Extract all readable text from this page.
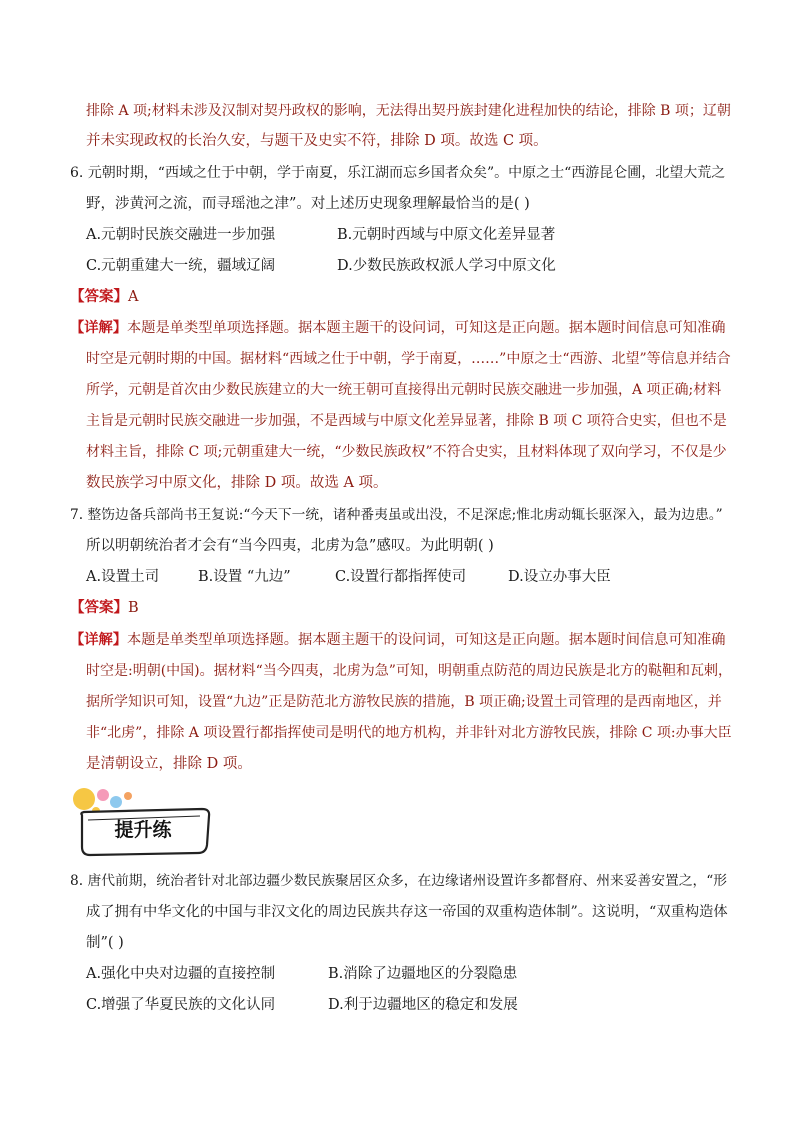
排除 A 项;材料未涉及汉制对契丹政权的影响，无法得出契丹族封建化进程加快的结论，排除 B 项；辽朝
并未实现政权的长治久安，与题干及史实不符，排除 D 项。故选 C 项。
6. 元朝时期，“西域之仕于中朝，学于南夏，乐江湖而忘乡国者众矣”。中原之士“西游昆仑圃，北望大荒之
野，涉黄河之流，而寻瑶池之津”。对上述历史现象理解最恰当的是( )
A.元朝时民族交融进一步加强	B.元朝时西域与中原文化差异显著
C.元朝重建大一统，疆域辽阔	D.少数民族政权派人学习中原文化
【答案】A
【详解】本题是单类型单项选择题。据本题主题干的设问词，可知这是正向题。据本题时间信息可知准确
时空是元朝时期的中国。据材料“西域之仕于中朝，学于南夏，……”中原之士“西游、北望”等信息并结合
所学，元朝是首次由少数民族建立的大一统王朝可直接得出元朝时民族交融进一步加强，A 项正确;材料
主旨是元朝时民族交融进一步加强，不是西域与中原文化差异显著，排除 B 项 C 项符合史实，但也不是
材料主旨，排除 C 项;元朝重建大一统，“少数民族政权”不符合史实，且材料体现了双向学习，不仅是少
数民族学习中原文化，排除 D 项。故选 A 项。
7. 整饬边备兵部尚书王复说:“今天下一统，诸种番夷虽或出没，不足深虑;惟北虏动辄长驱深入，最为边患。”
所以明朝统治者才会有“当今四夷，北虏为急”感叹。为此明朝( )
A.设置土司	B.设置 “九边”	C.设置行都指挥使司	D.设立办事大臣
【答案】B
【详解】本题是单类型单项选择题。据本题主题干的设问词，可知这是正向题。据本题时间信息可知准确
时空是:明朝(中国)。据材料“当今四夷，北虏为急”可知，明朝重点防范的周边民族是北方的鞑靼和瓦剌，
据所学知识可知，设置“九边”正是防范北方游牧民族的措施，B 项正确;设置土司管理的是西南地区，并
非“北虏”，排除 A 项设置行都指挥使司是明代的地方机构，并非针对北方游牧民族，排除 C 项:办事大臣
是清朝设立，排除 D 项。
提升练
8. 唐代前期，统治者针对北部边疆少数民族聚居区众多，在边缘诸州设置许多都督府、州来妥善安置之，“形
成了拥有中华文化的中国与非汉文化的周边民族共存这一帝国的双重构造体制”。这说明，“双重构造体
制”( )
A.强化中央对边疆的直接控制	B.消除了边疆地区的分裂隐患
C.增强了华夏民族的文化认同	D.利于边疆地区的稳定和发展
